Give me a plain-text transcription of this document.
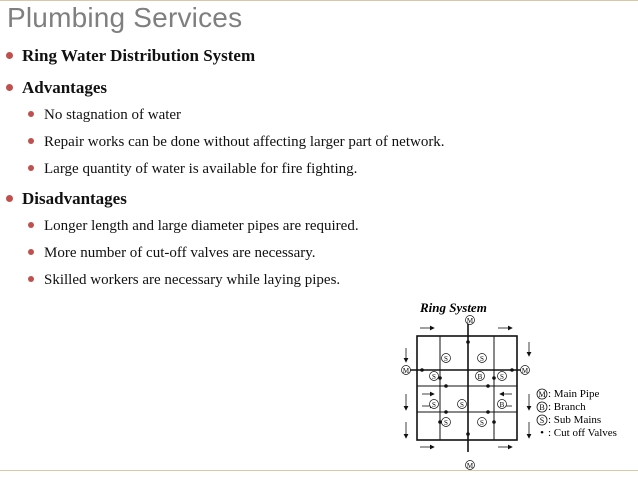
Plumbing Services
Ring Water Distribution System
Advantages
No stagnation of water
Repair works can be done without affecting larger part of network.
Large quantity of water is available for fire fighting.
Disadvantages
Longer length and large diameter pipes are required.
More number of cut-off valves are necessary.
Skilled workers are necessary while laying pipes.
Ring System
M
M	M
M
S	S
S	S
S	S
S	S
B
B
M : Main Pipe
B : Branch
S : Sub Mains
• : Cut off Valves
